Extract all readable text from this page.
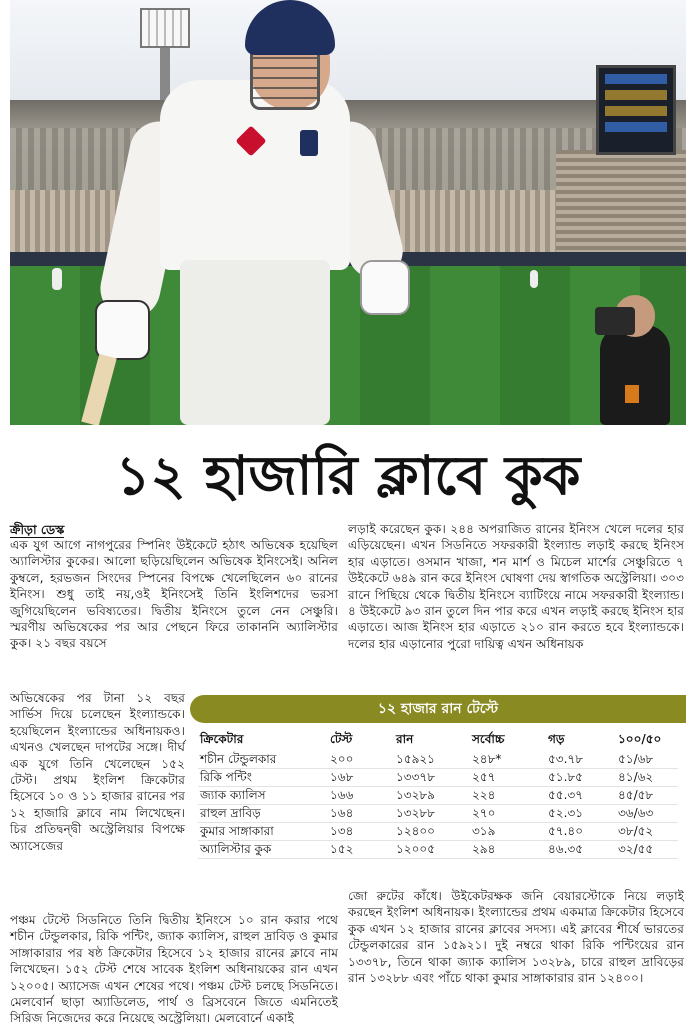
১২ হাজারি ক্লাবে কুক
ক্রীড়া ডেস্ক

এক যুগ আগে নাগপুরের স্পিনিং উইকেটে হঠাৎ অভিষেক হয়েছিল অ্যালিস্টার কুকের। আলো ছড়িয়েছিলেন অভিষেক ইনিংসেই। অনিল কুম্বলে, হরভজন সিংদের স্পিনের বিপক্ষে খেলেছিলেন ৬০ রানের ইনিংস। শুধু তাই নয়,ওই ইনিংসেই তিনি ইংলিশদের ভরসা জুগিয়েছিলেন ভবিষ্যতের। দ্বিতীয় ইনিংসে তুলে নেন সেঞ্চুরি। স্মরণীয় অভিষেকের পর আর পেছনে ফিরে তাকাননি অ্যালিস্টার কুক। ২১ বছর বয়সে

অভিষেকের পর টানা ১২ বছর সার্ভিস দিয়ে চলেছেন ইংল্যান্ডকে। হয়েছিলেন ইংল্যান্ডের অধিনায়কও। এখনও খেলছেন দাপটের সঙ্গে। দীর্ঘ এক যুগে তিনি খেলেছেন ১৫২ টেস্ট। প্রথম ইংলিশ ক্রিকেটার হিসেবে ১০ ও ১১ হাজার রানের পর ১২ হাজারি ক্লাবে নাম লিখেছেন। চির প্রতিদ্বন্দ্বী অস্ট্রেলিয়ার বিপক্ষে অ্যাসেজের

লড়াই করেছেন কুক। ২৪৪ অপরাজিত রানের ইনিংস খেলে দলের হার এড়িয়েছেন। এখন সিডনিতে সফরকারী ইংল্যান্ড লড়াই করছে ইনিংস হার এড়াতে। ওসমান খাজা, শন মার্শ ও মিচেল মার্শের সেঞ্চুরিতে ৭ উইকেটে ৬৪৯ রান করে ইনিংস ঘোষণা দেয় স্বাগতিক অস্ট্রেলিয়া। ৩০৩ রানে পিছিয়ে থেকে দ্বিতীয় ইনিংসে ব্যাটিংয়ে নামে সফরকারী ইংল্যান্ড। ৪ উইকেটে ৯৩ রান তুলে দিন পার করে এখন লড়াই করছে ইনিংস হার এড়াতে। আজ ইনিংস হার এড়াতে ২১০ রান করতে হবে ইংল্যান্ডকে। দলের হার এড়ানোর পুরো দায়িত্ব এখন অধিনায়ক

১২ হাজার রান টেস্টে
ক্রিকেটার	টেস্ট	রান	সর্বোচ্চ	গড়	১০০/৫০
শচীন টেন্ডুলকার	২০০	১৫৯২১	২৪৮*	৫৩.৭৮	৫১/৬৮
রিকি পন্টিং	১৬৮	১৩৩৭৮	২৫৭	৫১.৮৫	৪১/৬২
জ্যাক ক্যালিস	১৬৬	১৩২৮৯	২২৪	৫৫.৩৭	৪৫/৫৮
রাহুল দ্রাবিড়	১৬৪	১৩২৮৮	২৭০	৫২.৩১	৩৬/৬৩
কুমার সাঙ্গাকারা	১৩৪	১২৪০০	৩১৯	৫৭.৪০	৩৮/৫২
অ্যালিস্টার কুক	১৫২	১২০০৫	২৯৪	৪৬.৩৫	৩২/৫৫

পঞ্চম টেস্টে সিডনিতে তিনি দ্বিতীয় ইনিংসে ১০ রান করার পথে শচীন টেন্ডুলকার, রিকি পন্টিং, জ্যাক ক্যালিস, রাহুল দ্রাবিড় ও কুমার সাঙ্গাকারার পর ষষ্ঠ ক্রিকেটার হিসেবে ১২ হাজার রানের ক্লাবে নাম লিখেছেন। ১৫২ টেস্ট শেষে সাবেক ইংলিশ অধিনায়কের রান এখন ১২০০৫। অ্যাসেজ এখন শেষের পথে। পঞ্চম টেস্ট চলছে সিডনিতে। মেলবোর্ন ছাড়া অ্যাডিলেড, পার্থ ও ব্রিসবেনে জিতে এমনিতেই সিরিজ নিজেদের করে নিয়েছে অস্ট্রেলিয়া। মেলবোর্নে একাই

জো রুটের কাঁধে। উইকেটরক্ষক জনি বেয়ারস্টোকে নিয়ে লড়াই করছেন ইংলিশ অধিনায়ক। ইংল্যান্ডের প্রথম একমাত্র ক্রিকেটার হিসেবে কুক এখন ১২ হাজার রানের ক্লাবের সদস্য। এই ক্লাবের শীর্ষে ভারতের টেন্ডুলকারের রান ১৫৯২১। দুই নম্বরে থাকা রিকি পন্টিংয়ের রান ১৩৩৭৮, তিনে থাকা জ্যাক ক্যালিস ১৩২৮৯, চারে রাহুল দ্রাবিড়ের রান ১৩২৮৮ এবং পাঁচে থাকা কুমার সাঙ্গাকারার রান ১২৪০০।
